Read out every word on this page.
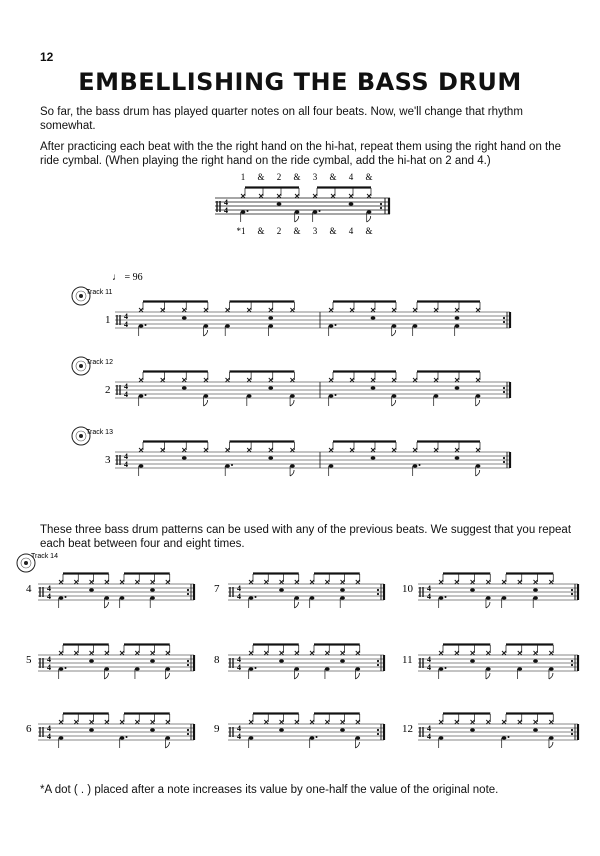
12
EMBELLISHING THE BASS DRUM
So far, the bass drum has played quarter notes on all four beats. Now, we'll change that rhythm somewhat.
After practicing each beat with the the right hand on the hi-hat, repeat them using the right hand on the ride cymbal. (When playing the right hand on the ride cymbal, add the hi-hat on 2 and 4.)
4
4
1 & 2 & 3 & 4 &
*1 & 2 & 3 & 4 &
♩ = 96
Track 11
1 4
4
Track 12
2 4
4
Track 13
3 4
4
These three bass drum patterns can be used with any of the previous beats. We suggest that you repeat each beat between four and eight times.
Track 14
4 4
4
5 4
4
6 4
4
7 4
4
8 4
4
9 4
4
10 4
4
11 4
4
12 4
4
*A dot ( . ) placed after a note increases its value by one-half the value of the original note.
